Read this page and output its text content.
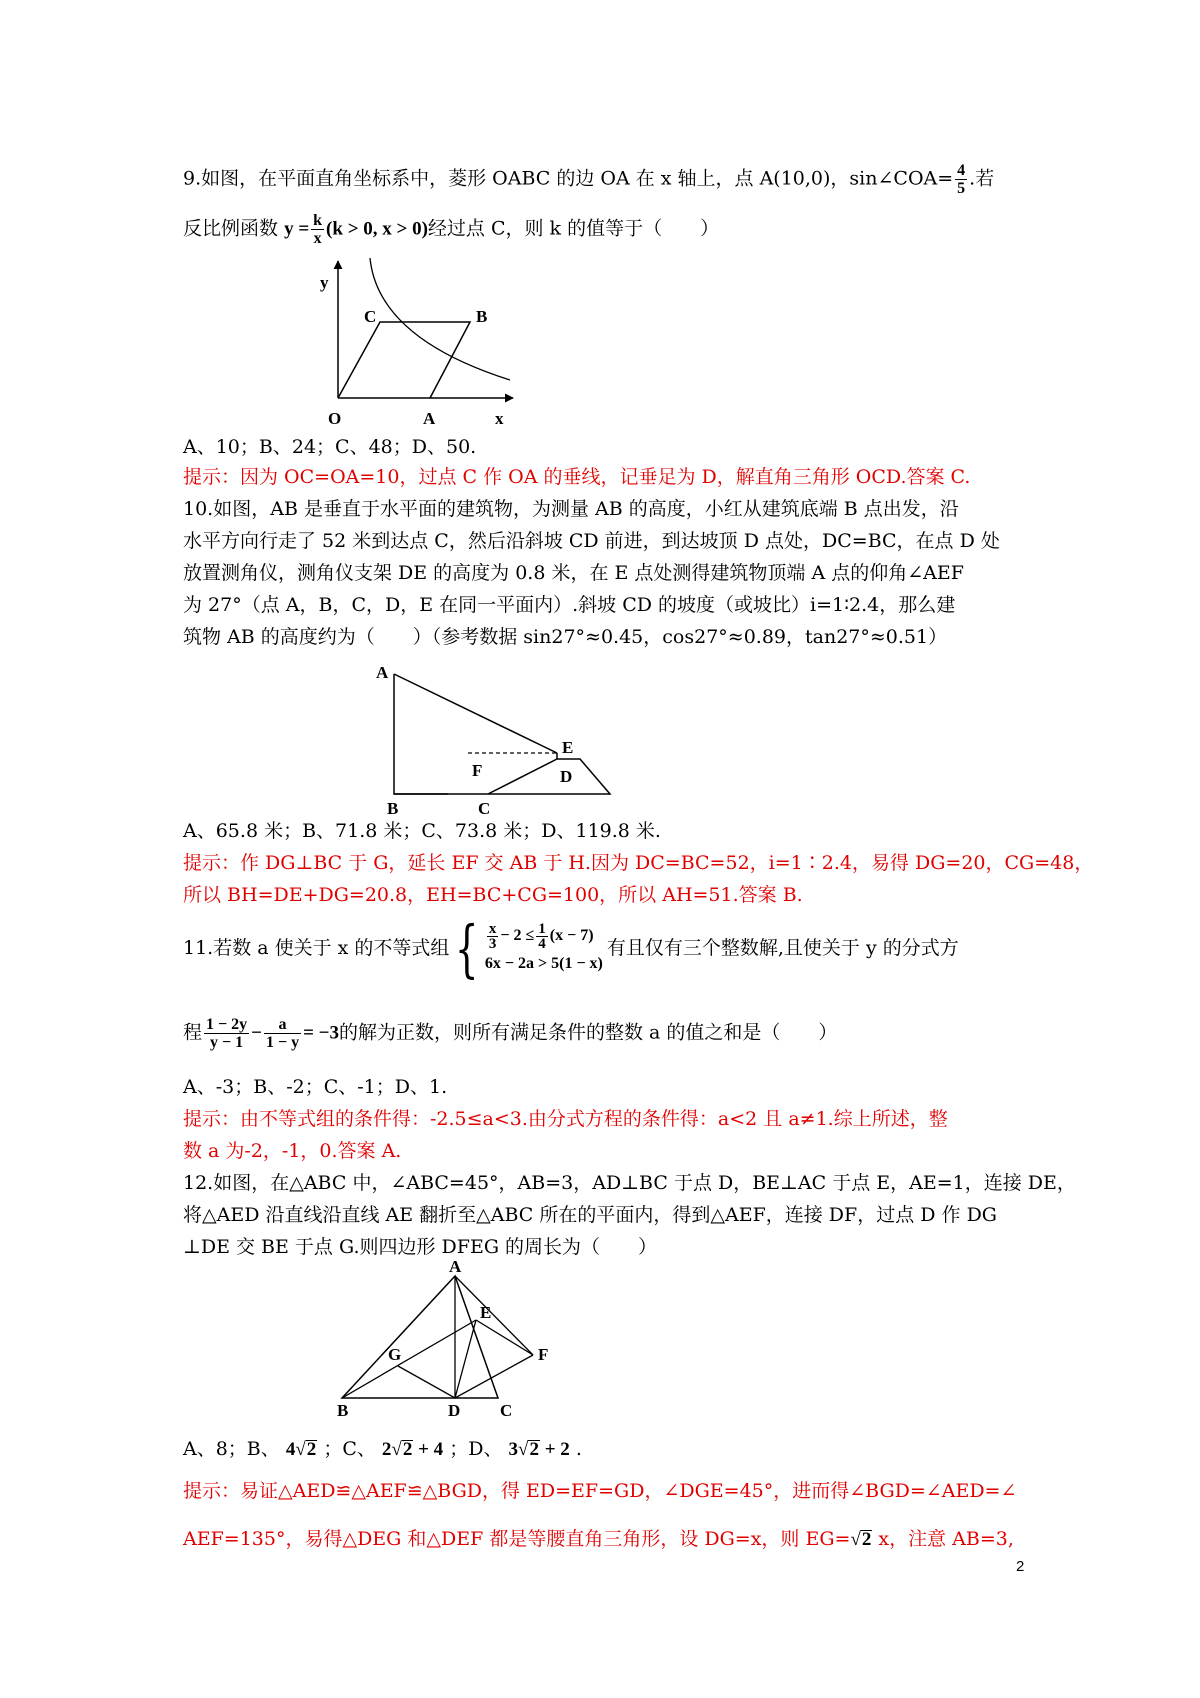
9.如图，在平面直角坐标系中，菱形 OABC 的边 OA 在 x 轴上，点 A(10,0)，sin∠COA= $\frac{4}{5}$ .若
反比例函数 $y = \frac{k}{x} (k > 0$, x > 0)经过点 C，则 k 的值等于（　　）
y
C	B
O	A	x
A、10；B、24；C、48；D、50.
提示：因为 OC=OA=10，过点 C 作 OA 的垂线，记垂足为 D，解直角三角形 OCD.答案 C.
10.如图，AB 是垂直于水平面的建筑物，为测量 AB 的高度，小红从建筑底端 B 点出发，沿
水平方向行走了 52 米到达点 C，然后沿斜坡 CD 前进，到达坡顶 D 点处，DC=BC，在点 D 处
放置测角仪，测角仪支架 DE 的高度为 0.8 米，在 E 点处测得建筑物顶端 A 点的仰角∠AEF
为 27°（点 A，B，C，D，E 在同一平面内）.斜坡 CD 的坡度（或坡比）i=1∶2.4，那么建
筑物 AB 的高度约为（　　）（参考数据 sin27°≈0.45，cos27°≈0.89，tan27°≈0.51）
A
E
F	D
B	C
A、65.8 米；B、71.8 米；C、73.8 米；D、119.8 米.
提示：作 DG⊥BC 于 G，延长 EF 交 AB 于 H.因为 DC=BC=52，i=1∶2.4，易得 DG=20，CG=48，
所以 BH=DE+DG=20.8，EH=BC+CG=100，所以 AH=51.答案 B.
11.若数 a 使关于 x 的不等式组{ $\frac{x}{3} - 2 \le \frac{1}{4} (x - 7)$
6x − 2a > 5(1 − x)
有且仅有三个整数解,且使关于 y 的分式方
程 $\frac{1 - 2y}{y - 1} - \frac{a}{1 - y} = -3$的解为正数，则所有满足条件的整数 a 的值之和是（　　）
A、-3；B、-2；C、-1；D、1.
提示：由不等式组的条件得：-2.5≤a<3.由分式方程的条件得：a<2 且 a≠1.综上所述，整
数 a 为-2，-1，0.答案 A.
12.如图，在△ABC 中，∠ABC=45°，AB=3，AD⊥BC 于点 D，BE⊥AC 于点 E，AE=1，连接 DE，
将△AED 沿直线沿直线 AE 翻折至△ABC 所在的平面内，得到△AEF，连接 DF，过点 D 作 DG
⊥DE 交 BE 于点 G.则四边形 DFEG 的周长为（　　）
A
E
G	F
B	D C
A、8；B、 4√2 ；C、 2√2 + 4 ；D、 3√2 + 2 .
提示：易证△AED≌△AEF≌△BGD，得 ED=EF=GD，∠DGE=45°，进而得∠BGD=∠AED=∠
AEF=135°，易得△DEG 和△DEF 都是等腰直角三角形，设 DG=x，则 EG=√2 x，注意 AB=3,
2
